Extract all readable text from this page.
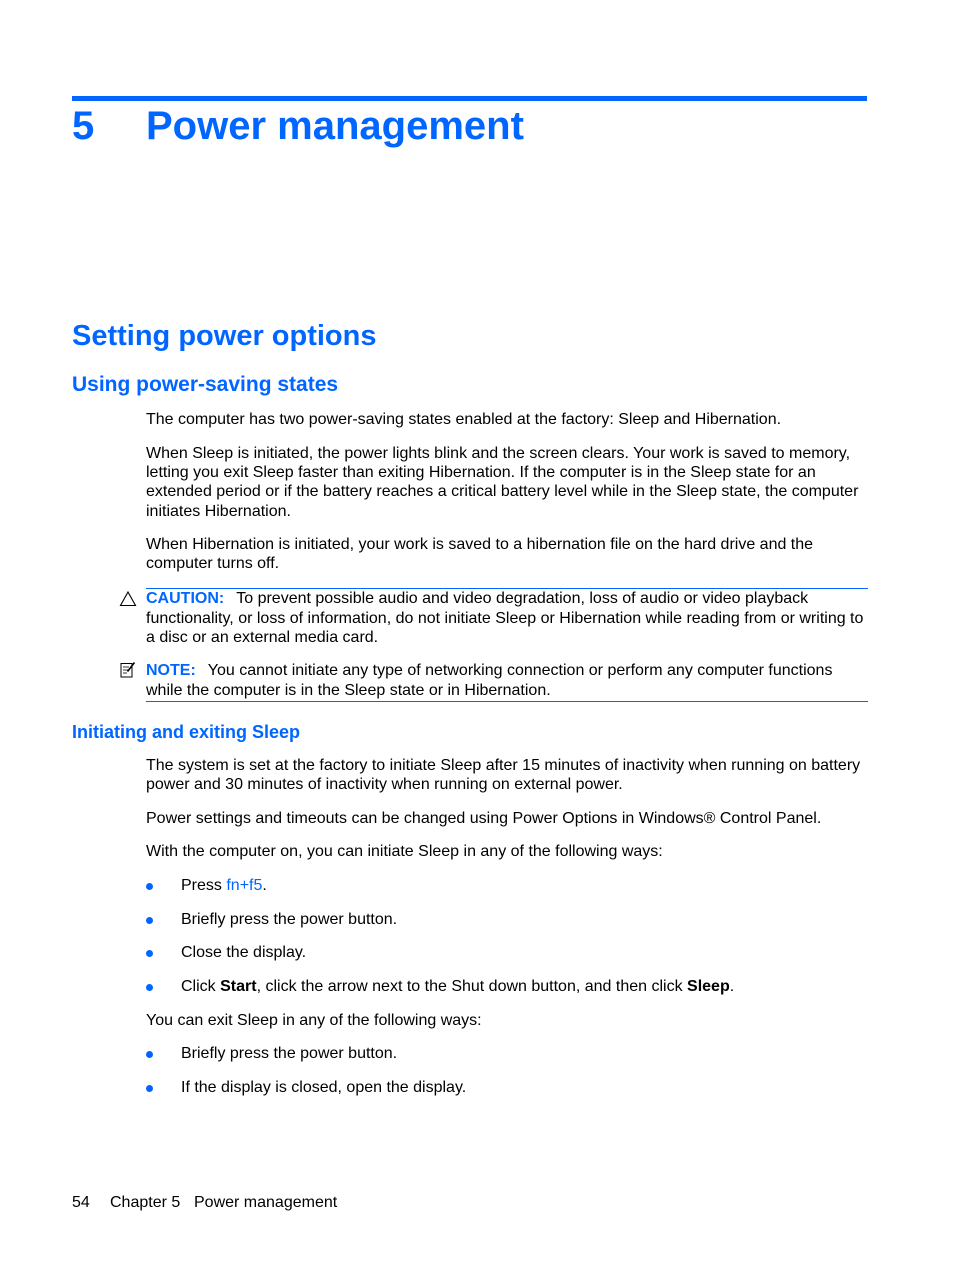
5 Power management
Setting power options
Using power-saving states

The computer has two power-saving states enabled at the factory: Sleep and Hibernation.

When Sleep is initiated, the power lights blink and the screen clears. Your work is saved to memory, letting you exit Sleep faster than exiting Hibernation. If the computer is in the Sleep state for an extended period or if the battery reaches a critical battery level while in the Sleep state, the computer initiates Hibernation.

When Hibernation is initiated, your work is saved to a hibernation file on the hard drive and the computer turns off.

CAUTION: To prevent possible audio and video degradation, loss of audio or video playback functionality, or loss of information, do not initiate Sleep or Hibernation while reading from or writing to a disc or an external media card.
NOTE: You cannot initiate any type of networking connection or perform any computer functions while the computer is in the Sleep state or in Hibernation.
Initiating and exiting Sleep

The system is set at the factory to initiate Sleep after 15 minutes of inactivity when running on battery power and 30 minutes of inactivity when running on external power.

Power settings and timeouts can be changed using Power Options in Windows® Control Panel.

With the computer on, you can initiate Sleep in any of the following ways:

Press fn+f5.
Briefly press the power button.
Close the display.
Click Start, click the arrow next to the Shut down button, and then click Sleep.

You can exit Sleep in any of the following ways:

Briefly press the power button.
If the display is closed, open the display.
54 Chapter 5 Power management
